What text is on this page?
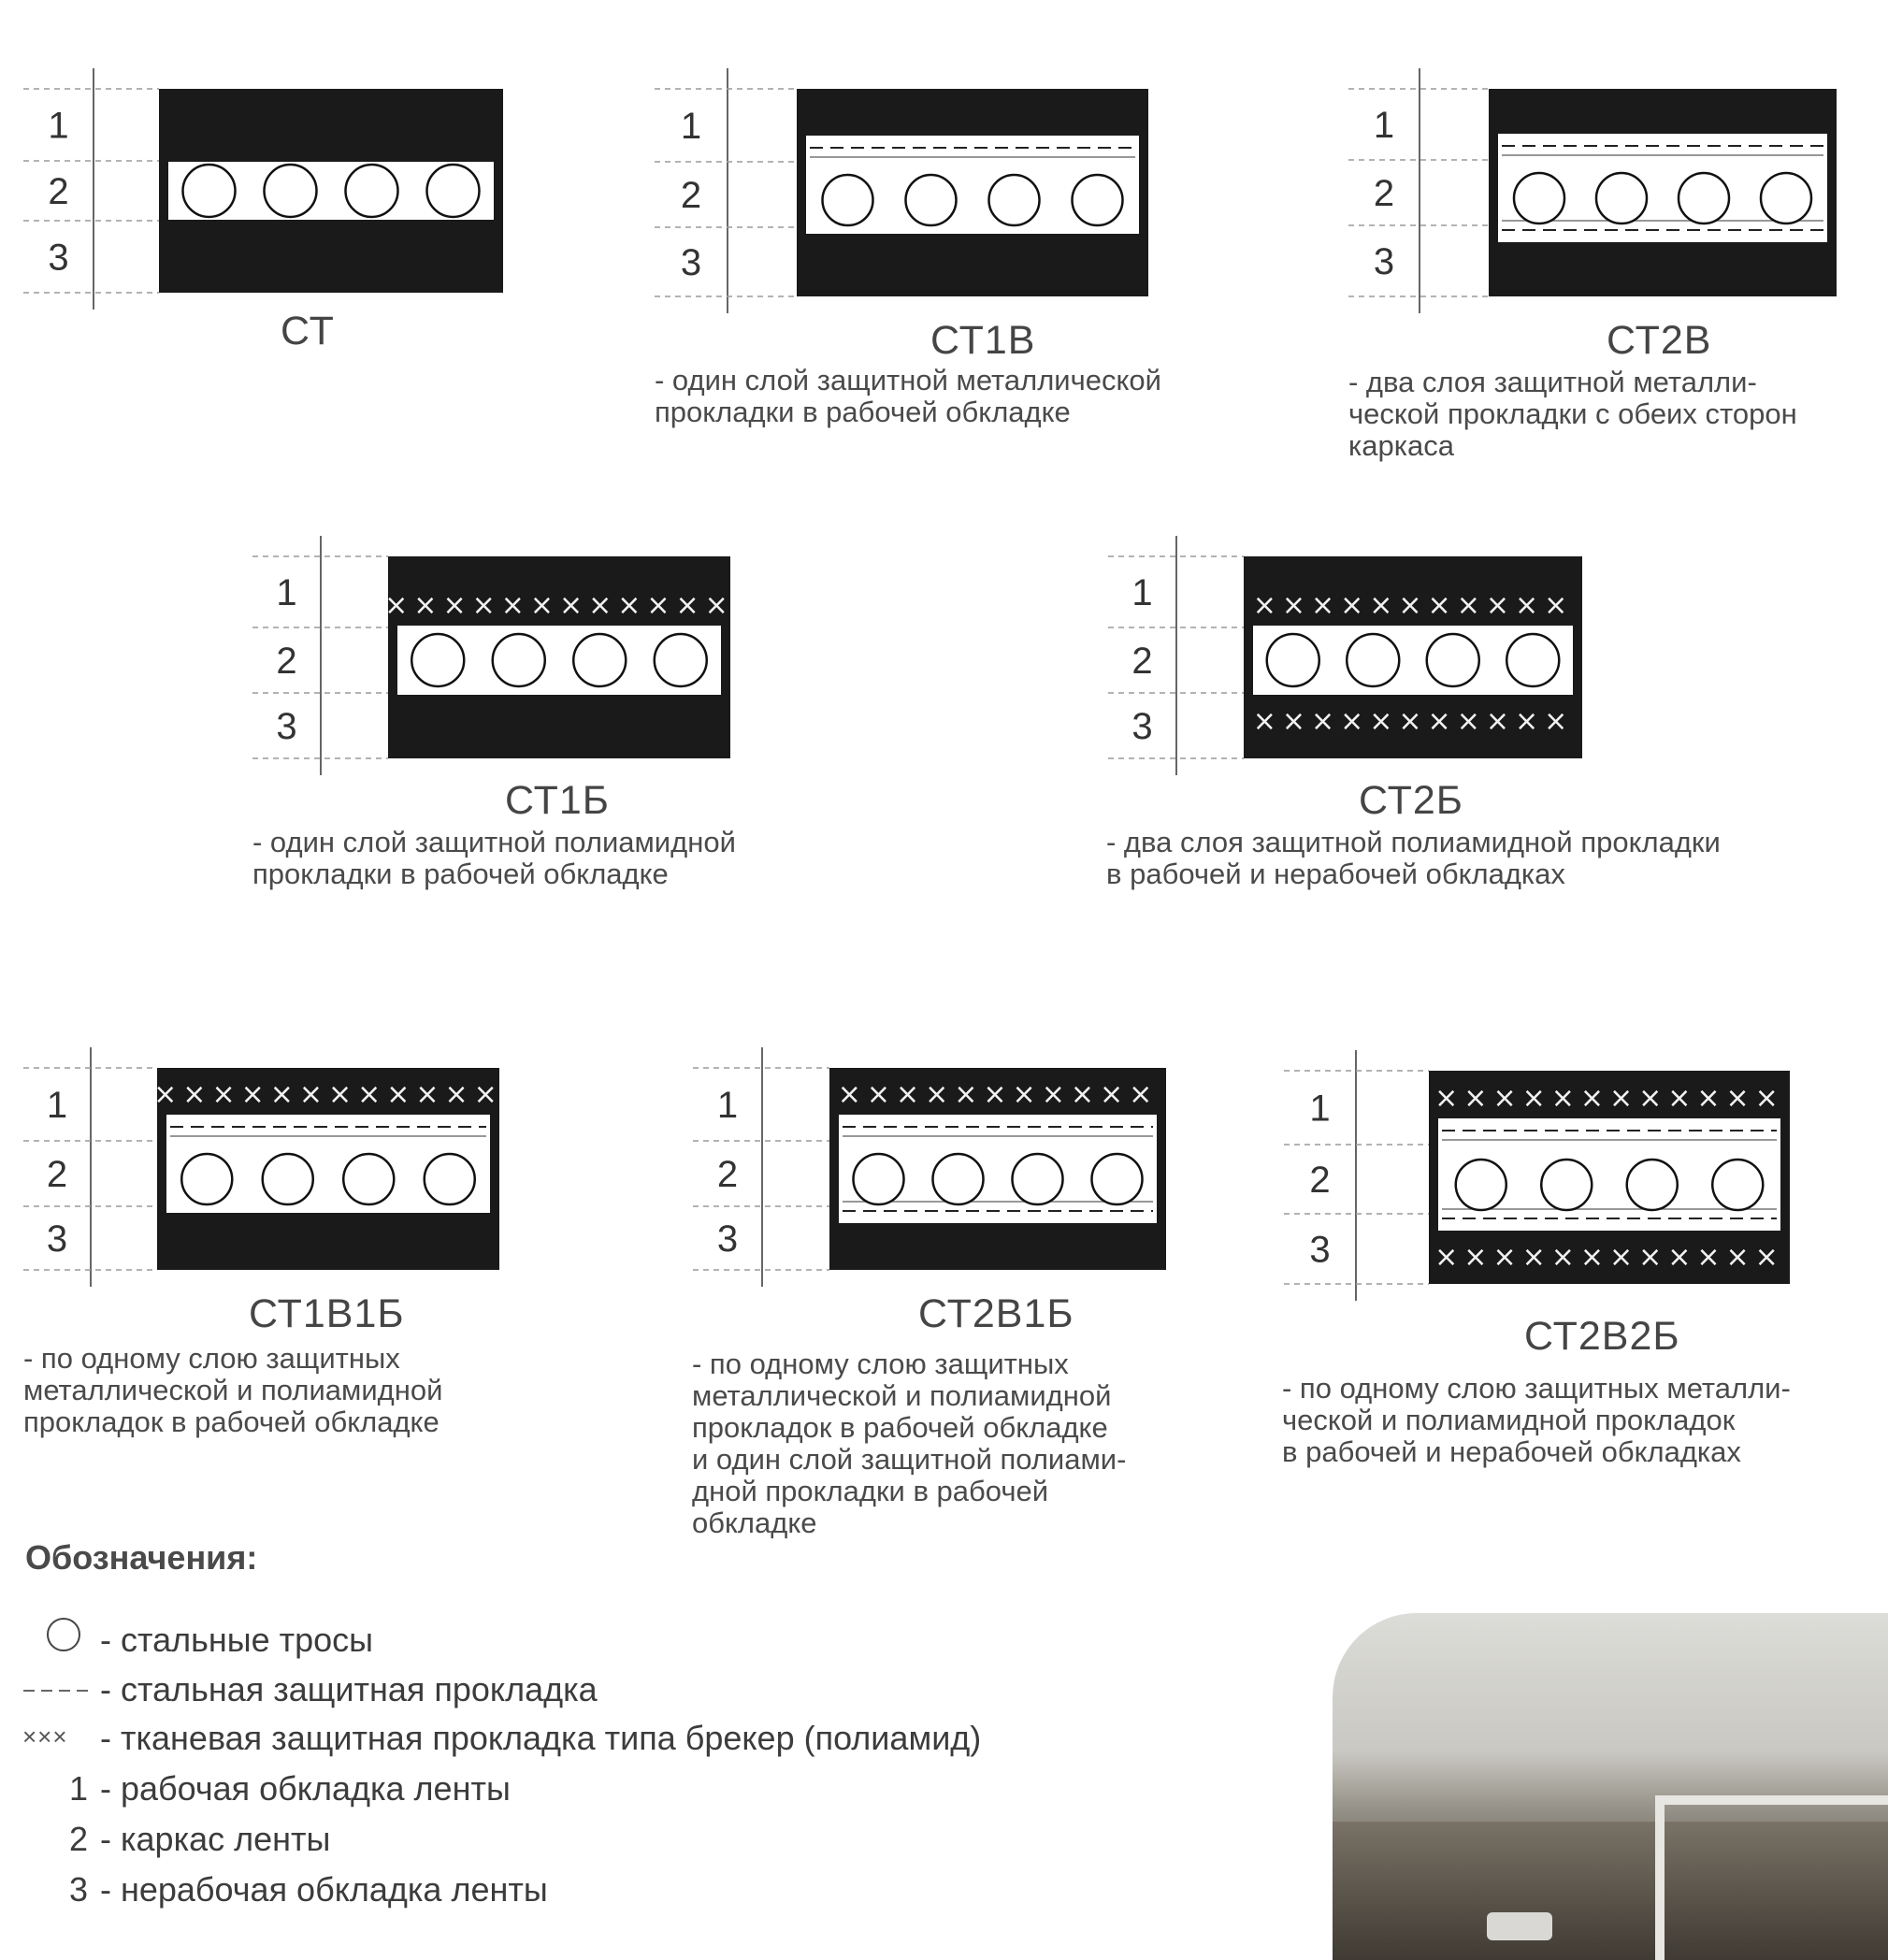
1
2
3
1
2
3
1
2
3
1
2
3
××××××××××××	1
2
3
×××××××××××
×××××××××××
1
2
3
××××××××××××	1
2
3
×××××××××××	1
2
3
××××××××××××
××××××××××××
СТ	СТ1В	СТ2В
СТ1Б	СТ2Б
СТ1В1Б	СТ2В1Б	СТ2В2Б
- один слой защитной металлической
прокладки в рабочей обкладке
- два слоя защитной металли-
ческой прокладки с обеих сторон
каркаса
- один слой защитной полиамидной
прокладки в рабочей обкладке
- два слоя защитной полиамидной прокладки
в рабочей и нерабочей обкладках
- по одному слою защитных
металлической и полиамидной
прокладок в рабочей обкладке
- по одному слою защитных
металлической и полиамидной
прокладок в рабочей обкладке
и один слой защитной полиами-
дной прокладки в рабочей
обкладке
- по одному слою защитных металли-
ческой и полиамидной прокладок
в рабочей и нерабочей обкладках
Обозначения:
- стальные тросы
- стальная защитная прокладка
××× - тканевая защитная прокладка типа брекер (полиамид)
1 - рабочая обкладка ленты
2 - каркас ленты
3 - нерабочая обкладка ленты
